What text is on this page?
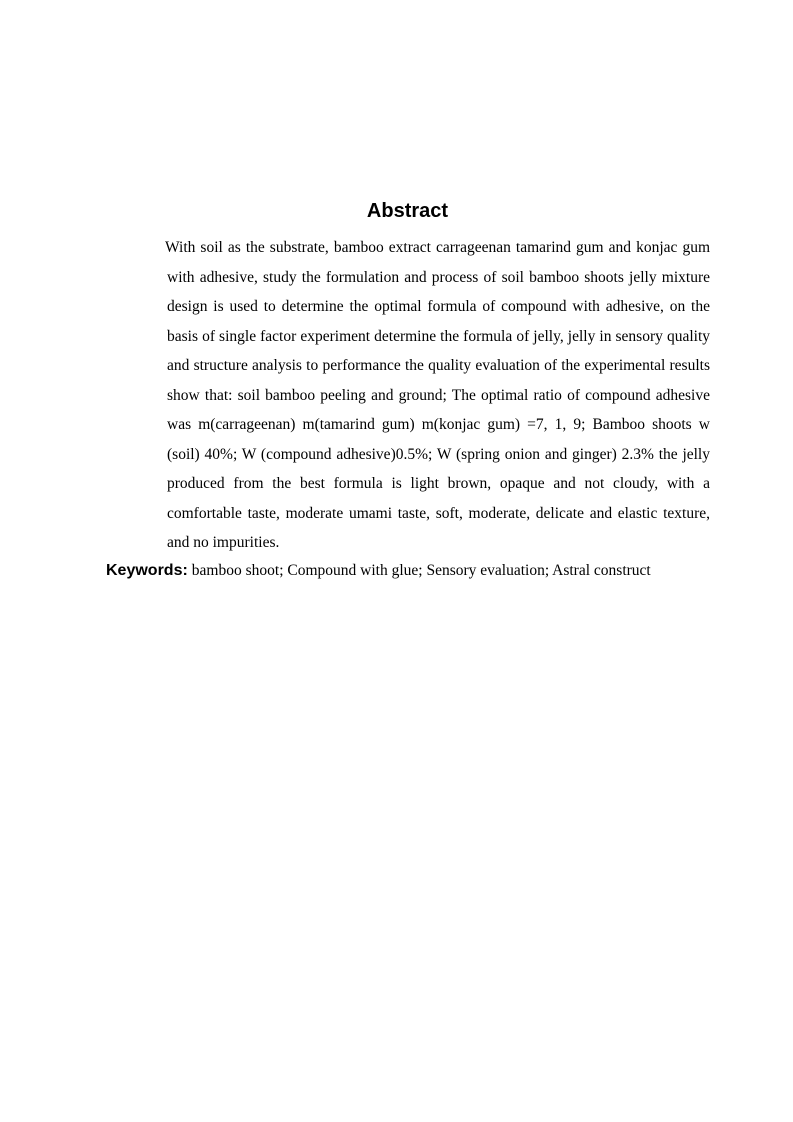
Abstract

With soil as the substrate, bamboo extract carrageenan tamarind gum and konjac gum with adhesive, study the formulation and process of soil bamboo shoots jelly mixture design is used to determine the optimal formula of compound with adhesive, on the basis of single factor experiment determine the formula of jelly, jelly in sensory quality and structure analysis to performance the quality evaluation of the experimental results show that: soil bamboo peeling and ground; The optimal ratio of compound adhesive was m(carrageenan) m(tamarind gum) m(konjac gum) =7, 1, 9; Bamboo shoots w (soil) 40%; W (compound adhesive)0.5%; W (spring onion and ginger) 2.3% the jelly produced from the best formula is light brown, opaque and not cloudy, with a comfortable taste, moderate umami taste, soft, moderate, delicate and elastic texture, and no impurities.

Keywords: bamboo shoot; Compound with glue; Sensory evaluation; Astral construct
